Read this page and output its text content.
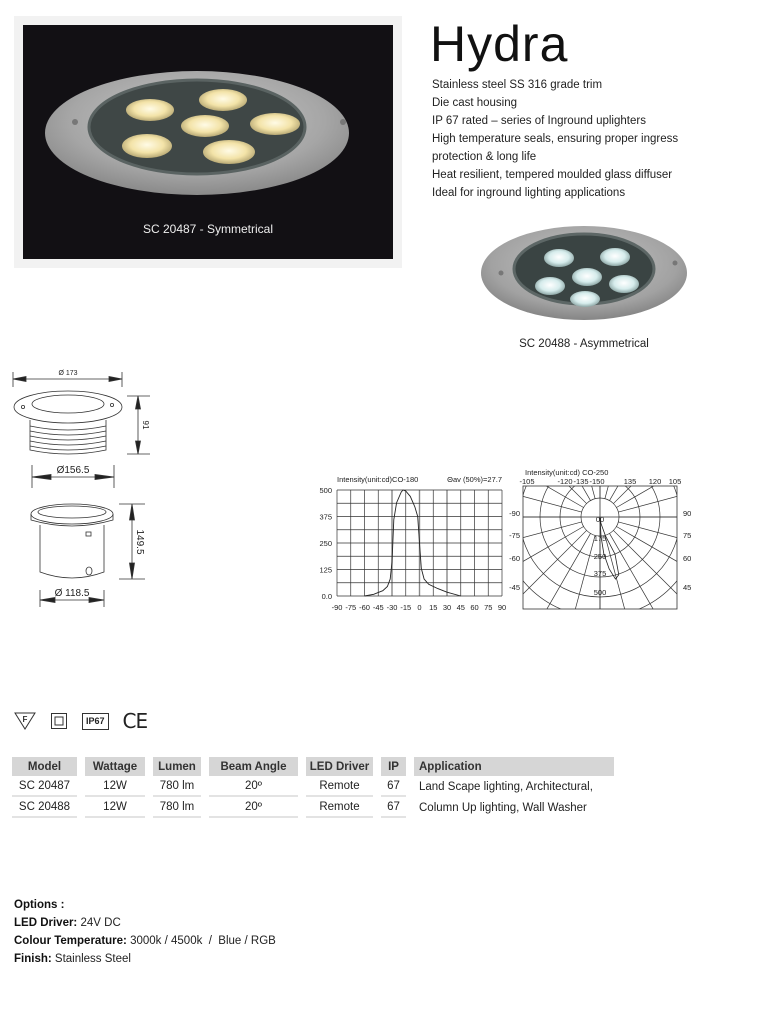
SC 20487 - Symmetrical
Hydra
Stainless steel SS 316 grade trim
Die cast housing
IP 67 rated – series of Inground uplighters
High temperature seals, ensuring proper ingress
protection & long life
Heat resilient, tempered moulded glass diffuser
Ideal for inground lighting applications
SC 20488 - Asymmetrical
Ø 173
91
Ø156.5
149.5
Ø 118.5
Intensity(unit:cd)CO-180	Θav (50%)=27.7
0.0
125
250
375
500
-90 -75 -60 -45 -30 -15 0 15 30 45 60 75 90
Intensity(unit:cd) CO-250
-105	-120 -135 -150	135 120 105
-90
-75
-60
-45
90
75
60
45
00
175
250
375
500
F	IP67 CE
Model	Wattage	Lumen	Beam Angle	LED Driver	IP	Application
SC 20487	12W	780 lm	20º	Remote	67	Land Scape lighting, Architectural,
SC 20488	12W	780 lm	20º	Remote	67	Column Up lighting, Wall Washer
Options :
LED Driver: 24V DC
Colour Temperature: 3000k / 4500k  /  Blue / RGB
Finish: Stainless Steel
